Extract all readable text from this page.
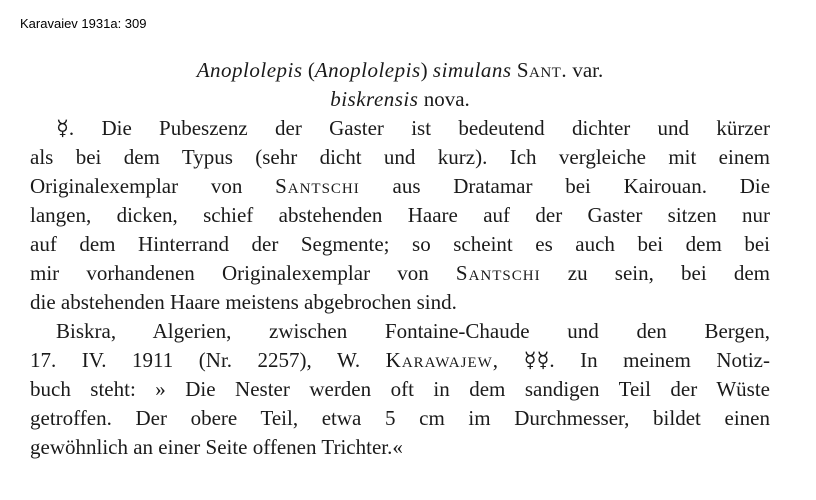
Karavaiev 1931a: 309
Anoplolepis (Anoplolepis) simulans Sant. var.
biskrensis nova.
☿. Die Pubeszenz der Gaster ist bedeutend dichter und kürzer
als bei dem Typus (sehr dicht und kurz). Ich vergleiche mit einem
Originalexemplar von Santschi aus Dratamar bei Kairouan. Die
langen, dicken, schief abstehenden Haare auf der Gaster sitzen nur
auf dem Hinterrand der Segmente; so scheint es auch bei dem bei
mir vorhandenen Originalexemplar von Santschi zu sein, bei dem
die abstehenden Haare meistens abgebrochen sind.
Biskra, Algerien, zwischen Fontaine-Chaude und den Bergen,
17. IV. 1911 (Nr. 2257), W. Karawajew, ☿☿. In meinem Notiz-
buch steht: » Die Nester werden oft in dem sandigen Teil der Wüste
getroffen. Der obere Teil, etwa 5 cm im Durchmesser, bildet einen
gewöhnlich an einer Seite offenen Trichter.«
